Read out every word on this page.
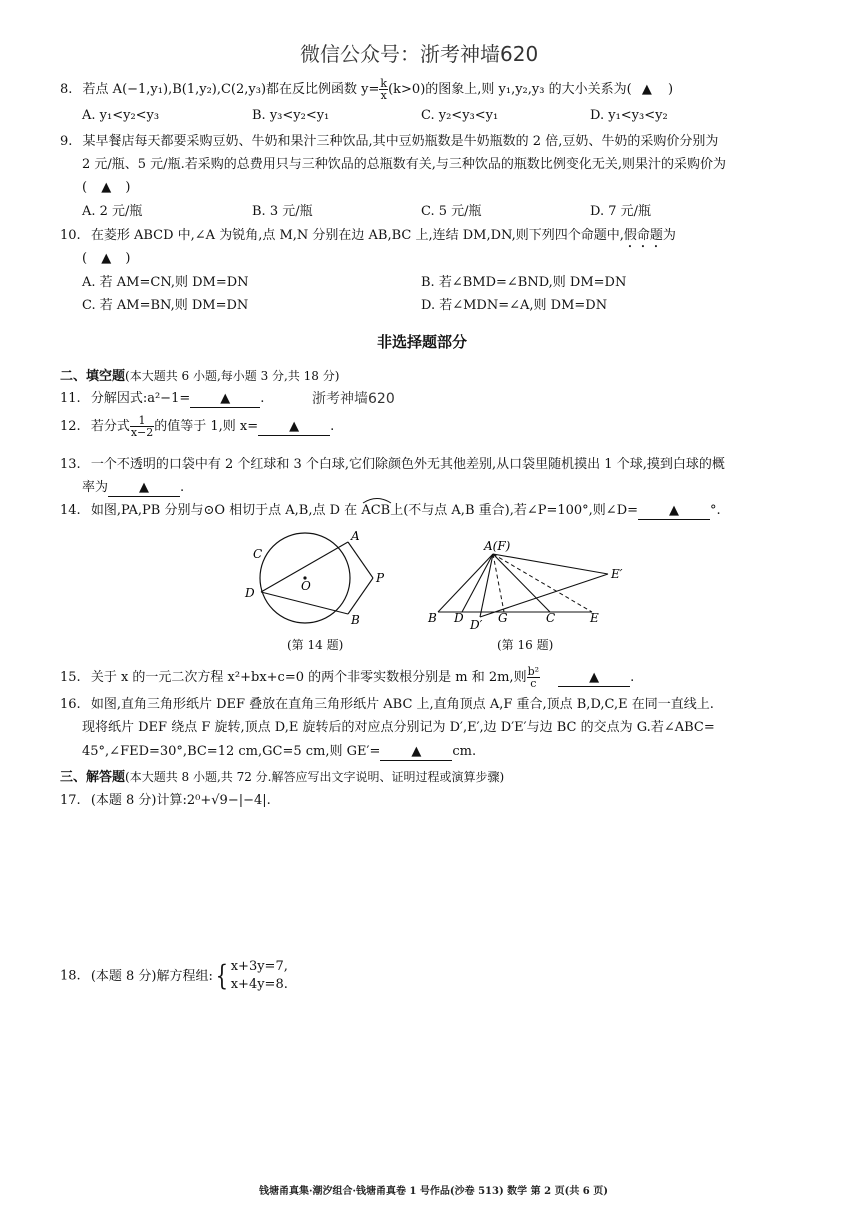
微信公众号：浙考神墙620
8. 若点 A(−1,y₁),B(1,y₂),C(2,y₃)都在反比例函数 $y= \frac{k}{x} (k>0)$的图象上,则 y₁,y₂,y₃ 的大小关系为( ▲ )
A. y₁<y₂<y₃	B. y₃<y₂<y₁	C. y₂<y₃<y₁	D. y₁<y₃<y₂
9. 某早餐店每天都要采购豆奶、牛奶和果汁三种饮品,其中豆奶瓶数是牛奶瓶数的 2 倍,豆奶、牛奶的采购价分别为
2 元/瓶、5 元/瓶.若采购的总费用只与三种饮品的总瓶数有关,与三种饮品的瓶数比例变化无关,则果汁的采购价为
( ▲ )
A. 2 元/瓶	B. 3 元/瓶	C. 5 元/瓶	D. 7 元/瓶
10. 在菱形 ABCD 中,∠A 为锐角,点 M,N 分别在边 AB,BC 上,连结 DM,DN,则下列四个命题中,假命题为
( ▲ )
A. 若 AM=CN,则 DM=DN	B. 若∠BMD=∠BND,则 DM=DN
C. 若 AM=BN,则 DM=DN	D. 若∠MDN=∠A,则 DM=DN
非选择题部分
二、填空题(本大题共 6 小题,每小题 3 分,共 18 分)
11. 分解因式:a²−1= ▲ .	浙考神墙620
12. 若分式 $\frac{1}{x-2}$ 的值等于 1,则 x= ▲ .
13. 一个不透明的口袋中有 2 个红球和 3 个白球,它们除颜色外无其他差别,从口袋里随机摸出 1 个球,摸到白球的概
率为 ▲ .
14. 如图,PA,PB 分别与⊙O 相切于点 A,B,点 D 在 ACB上(不与点 A,B 重合),若∠P=100°,则∠D= ▲ °.
C
A
D	O
P
B
(第 14 题)
A(F)
E′
B D D′ G	C	E
(第 16 题)
15. 关于 x 的一元二次方程 x²+bx+c=0 的两个非零实数根分别是 m 和 2m,则 $\frac{\text{b²}}{c}$	▲ .
16. 如图,直角三角形纸片 DEF 叠放在直角三角形纸片 ABC 上,直角顶点 A,F 重合,顶点 B,D,C,E 在同一直线上.
现将纸片 DEF 绕点 F 旋转,顶点 D,E 旋转后的对应点分别记为 D′,E′,边 D′E′与边 BC 的交点为 G.若∠ABC=
45°,∠FED=30°,BC=12 cm,GC=5 cm,则 GE′= ▲ cm.
三、解答题(本大题共 8 小题,共 72 分.解答应写出文字说明、证明过程或演算步骤)
17. (本题 8 分)计算:2⁰+√9−|−4|.
18. (本题 8 分)解方程组:{ x+3y=7,
x+4y=8.
钱塘甬真集·潮汐组合·钱塘甬真卷 1 号作品(沙卷 513) 数学 第 2 页(共 6 页)
